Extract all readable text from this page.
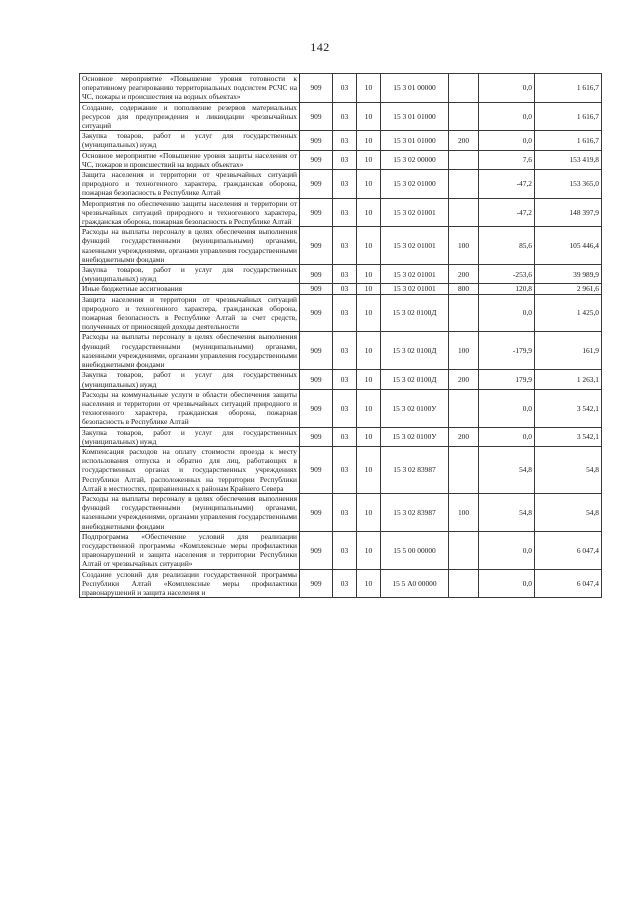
142
Основное мероприятие «Повышение уровня готовности к оперативному реагированию территориальных подсистем РСЧС на ЧС, пожары и происшествия на водных объектах»	909	03	10	15 3 01 00000		0,0	1 616,7
Создание, содержание и пополнение резервов материальных ресурсов для предупреждения и ликвидации чрезвычайных ситуаций	909	03	10	15 3 01 01000		0,0	1 616,7
Закупка товаров, работ и услуг для государственных (муниципальных) нужд	909	03	10	15 3 01 01000	200	0,0	1 616,7
Основное мероприятие «Повышение уровня защиты населения от ЧС, пожаров и происшествий на водных объектах»	909	03	10	15 3 02 00000		7,6	153 419,8
Защита населения и территории от чрезвычайных ситуаций природного и техногенного характера, гражданская оборона, пожарная безопасность в Республике Алтай	909	03	10	15 3 02 01000		-47,2	153 365,0
Мероприятия по обеспечению защиты населения и территории от чрезвычайных ситуаций природного и техногенного характера, гражданская оборона, пожарная безопасность в Республике Алтай	909	03	10	15 3 02 01001		-47,2	148 397,9
Расходы на выплаты персоналу в целях обеспечения выполнения функций государственными (муниципальными) органами, казенными учреждениями, органами управления государственными внебюджетными фондами	909	03	10	15 3 02 01001	100	85,6	105 446,4
Закупка товаров, работ и услуг для государственных (муниципальных) нужд	909	03	10	15 3 02 01001	200	-253,6	39 989,9
Иные бюджетные ассигнования	909	03	10	15 3 02 01001	800	120,8	2 961,6
Защита населения и территории от чрезвычайных ситуаций природного и техногенного характера, гражданская оборона, пожарная безопасность в Республике Алтай за счет средств, полученных от приносящей доходы деятельности	909	03	10	15 3 02 0100Д		0,0	1 425,0
Расходы на выплаты персоналу в целях обеспечения выполнения функций государственными (муниципальными) органами, казенными учреждениями, органами управления государственными внебюджетными фондами	909	03	10	15 3 02 0100Д	100	-179,9	161,9
Закупка товаров, работ и услуг для государственных (муниципальных) нужд	909	03	10	15 3 02 0100Д	200	179,9	1 263,1
Расходы на коммунальные услуги в области обеспечения защиты населения и территории от чрезвычайных ситуаций природного и техногенного характера, гражданская оборона, пожарная безопасность в Республике Алтай	909	03	10	15 3 02 0100У		0,0	3 542,1
Закупка товаров, работ и услуг для государственных (муниципальных) нужд	909	03	10	15 3 02 0100У	200	0,0	3 542,1
Компенсация расходов на оплату стоимости проезда к месту использования отпуска и обратно для лиц, работающих в государственных органах и государственных учреждениях Республики Алтай, расположенных на территории Республики Алтай в местностях, приравненных к районам Крайнего Севера	909	03	10	15 3 02 83987		54,8	54,8
Расходы на выплаты персоналу в целях обеспечения выполнения функций государственными (муниципальными) органами, казенными учреждениями, органами управления государственными внебюджетными фондами	909	03	10	15 3 02 83987	100	54,8	54,8
Подпрограмма «Обеспечение условий для реализации государственной программы «Комплексные меры профилактики правонарушений и защита населения и территории Республики Алтай от чрезвычайных ситуаций»	909	03	10	15 5 00 00000		0,0	6 047,4
Создание условий для реализации государственной программы Республики Алтай «Комплексные меры профилактики правонарушений и защита населения и	909	03	10	15 5 А0 00000		0,0	6 047,4
